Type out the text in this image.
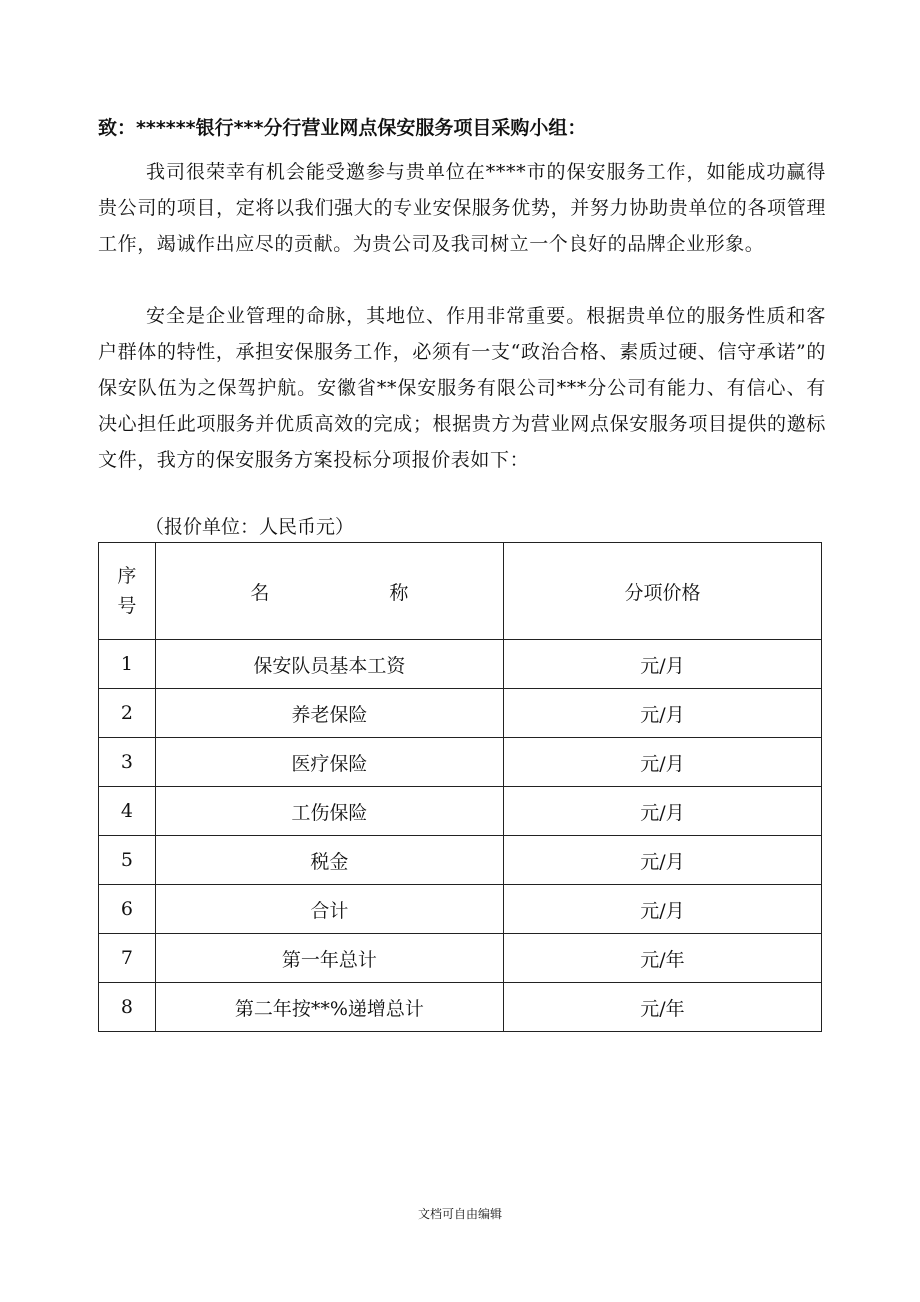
致：******银行***分行营业网点保安服务项目采购小组：
我司很荣幸有机会能受邀参与贵单位在****市的保安服务工作，如能成功赢得贵公司的项目，定将以我们强大的专业安保服务优势，并努力协助贵单位的各项管理工作，竭诚作出应尽的贡献。为贵公司及我司树立一个良好的品牌企业形象。
安全是企业管理的命脉，其地位、作用非常重要。根据贵单位的服务性质和客户群体的特性，承担安保服务工作，必须有一支“政治合格、素质过硬、信守承诺”的保安队伍为之保驾护航。安徽省**保安服务有限公司***分公司有能力、有信心、有决心担任此项服务并优质高效的完成；根据贵方为营业网点保安服务项目提供的邀标文件，我方的保安服务方案投标分项报价表如下：
（报价单位：人民币元）
序号	名 称	分项价格
1	保安队员基本工资	元/月
2	养老保险	元/月
3	医疗保险	元/月
4	工伤保险	元/月
5	税金	元/月
6	合计	元/月
7	第一年总计	元/年
8	第二年按**%递增总计	元/年
文档可自由编辑
